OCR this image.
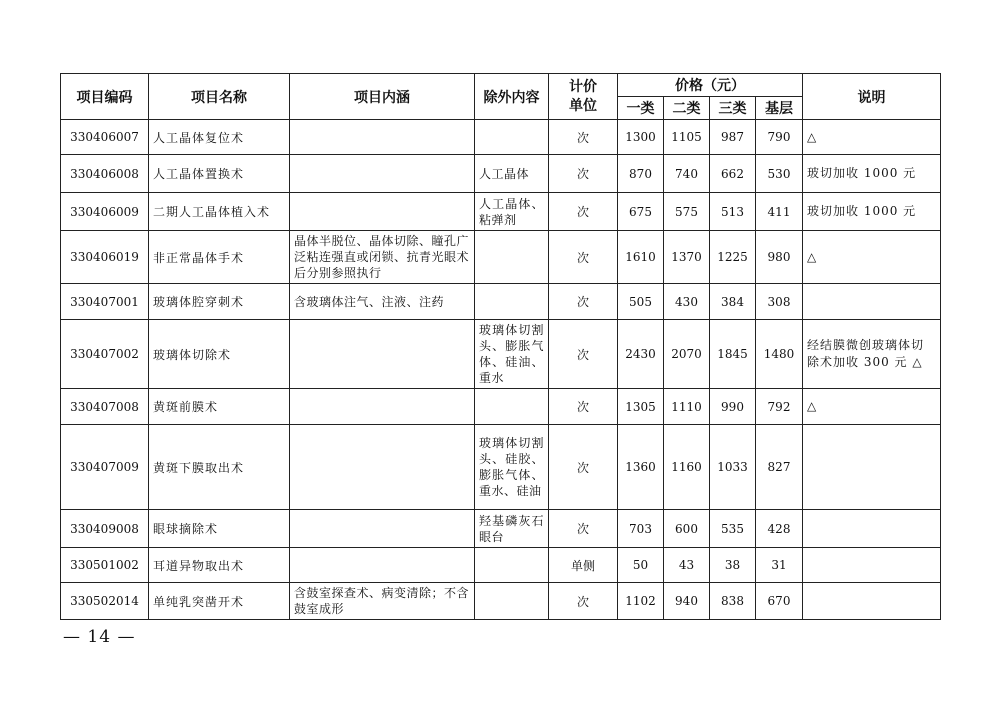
项目编码	项目名称	项目内涵	除外内容	计价单位	价格（元）				说明
					一类	二类	三类	基层	
330406007	人工晶体复位术			次	1300	1105	987	790	△
330406008	人工晶体置换术		人工晶体	次	870	740	662	530	玻切加收 1000 元
330406009	二期人工晶体植入术		人工晶体、粘弹剂	次	675	575	513	411	玻切加收 1000 元
330406019	非正常晶体手术	晶体半脱位、晶体切除、瞳孔广泛粘连强直或闭锁、抗青光眼术后分别参照执行		次	1610	1370	1225	980	△
330407001	玻璃体腔穿刺术	含玻璃体注气、注液、注药		次	505	430	384	308	
330407002	玻璃体切除术		玻璃体切割头、膨胀气体、硅油、重水	次	2430	2070	1845	1480	经结膜微创玻璃体切除术加收 300 元 △
330407008	黄斑前膜术			次	1305	1110	990	792	△
330407009	黄斑下膜取出术		玻璃体切割头、硅胶、膨胀气体、重水、硅油	次	1360	1160	1033	827	
330409008	眼球摘除术		羟基磷灰石眼台	次	703	600	535	428	
330501002	耳道异物取出术			单侧	50	43	38	31	
330502014	单纯乳突凿开术	含鼓室探查术、病变清除；不含鼓室成形		次	1102	940	838	670	
— 14 —
